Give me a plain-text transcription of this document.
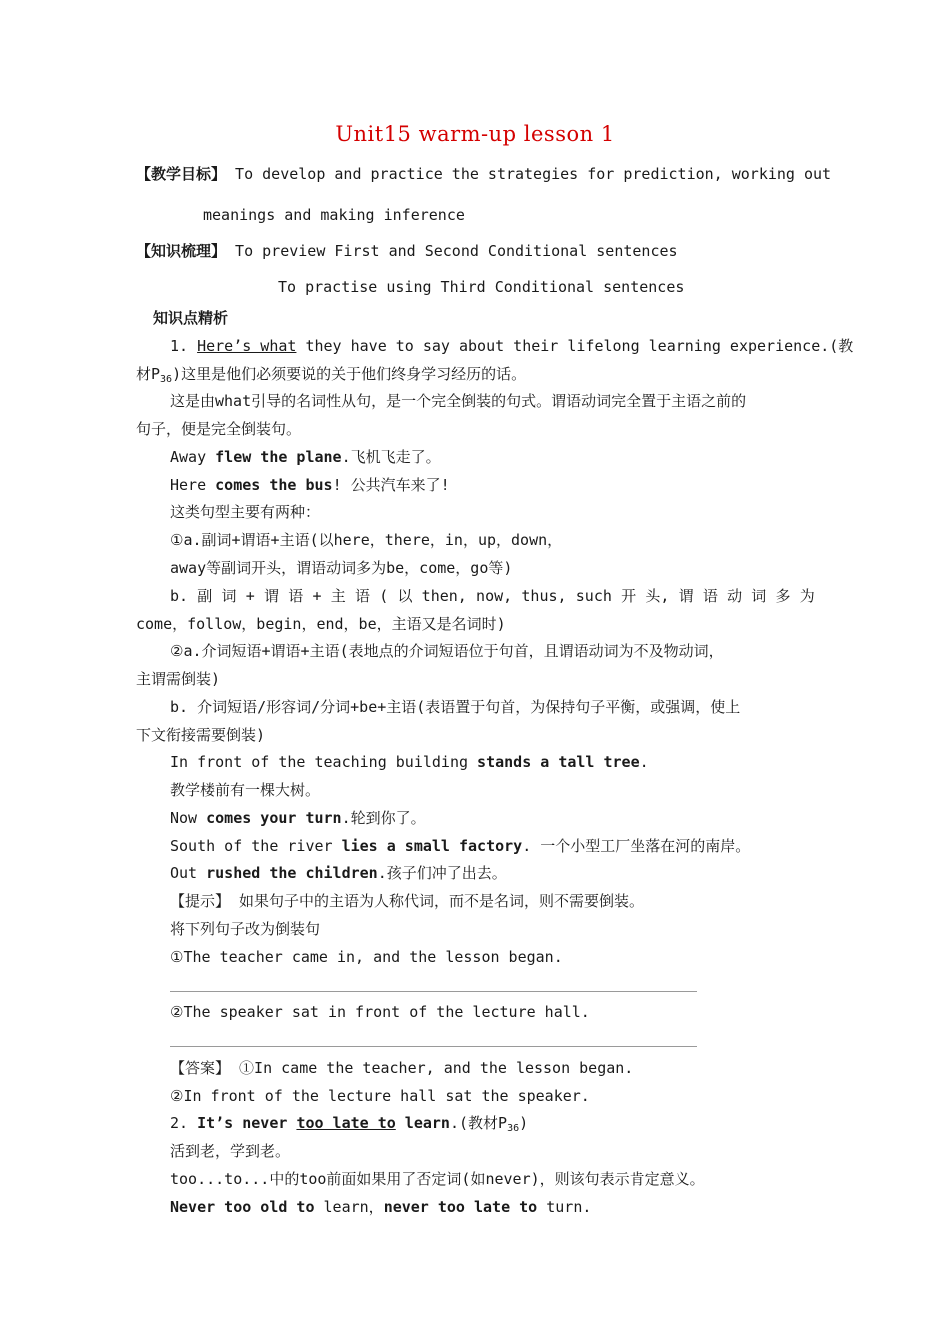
Unit15 warm-up lesson 1
【教学目标】 To develop and practice the strategies for prediction, working out
meanings and making inference
【知识梳理】 To preview First and Second Conditional sentences
To practise using Third Conditional sentences
知识点精析
1. Here’s what they have to say about their lifelong learning experience.(教
材$P_{36}$)这里是他们必须要说的关于他们终身学习经历的话。
这是由what引导的名词性从句，是一个完全倒装的句式。谓语动词完全置于主语之前的
句子，便是完全倒装句。
Away flew the plane.飞机飞走了。
Here comes the bus! 公共汽车来了!
这类句型主要有两种：
①a.副词+谓语+主语(以here，there，in，up，down，
away等副词开头，谓语动词多为be，come，go等)
b. 副 词 + 谓 语 + 主 语 ( 以 then, now, thus, such 开 头, 谓 语 动 词 多 为
come，follow，begin，end，be，主语又是名词时)
②a.介词短语+谓语+主语(表地点的介词短语位于句首，且谓语动词为不及物动词，
主谓需倒装)
b. 介词短语/形容词/分词+be+主语(表语置于句首，为保持句子平衡，或强调，使上
下文衔接需要倒装)
In front of the teaching building stands a tall tree.
教学楼前有一棵大树。
Now comes your turn.轮到你了。
South of the river lies a small factory. 一个小型工厂坐落在河的南岸。
Out rushed the children.孩子们冲了出去。
【提示】 如果句子中的主语为人称代词，而不是名词，则不需要倒装。
将下列句子改为倒装句
①The teacher came in, and the lesson began.
②The speaker sat in front of the lecture hall.
【答案】 ①In came the teacher, and the lesson began.
②In front of the lecture hall sat the speaker.
2. It’s never too late to learn.(教材$P_{36}$)
活到老，学到老。
too...to...中的too前面如果用了否定词(如never)，则该句表示肯定意义。
Never too old to learn，never too late to turn.
